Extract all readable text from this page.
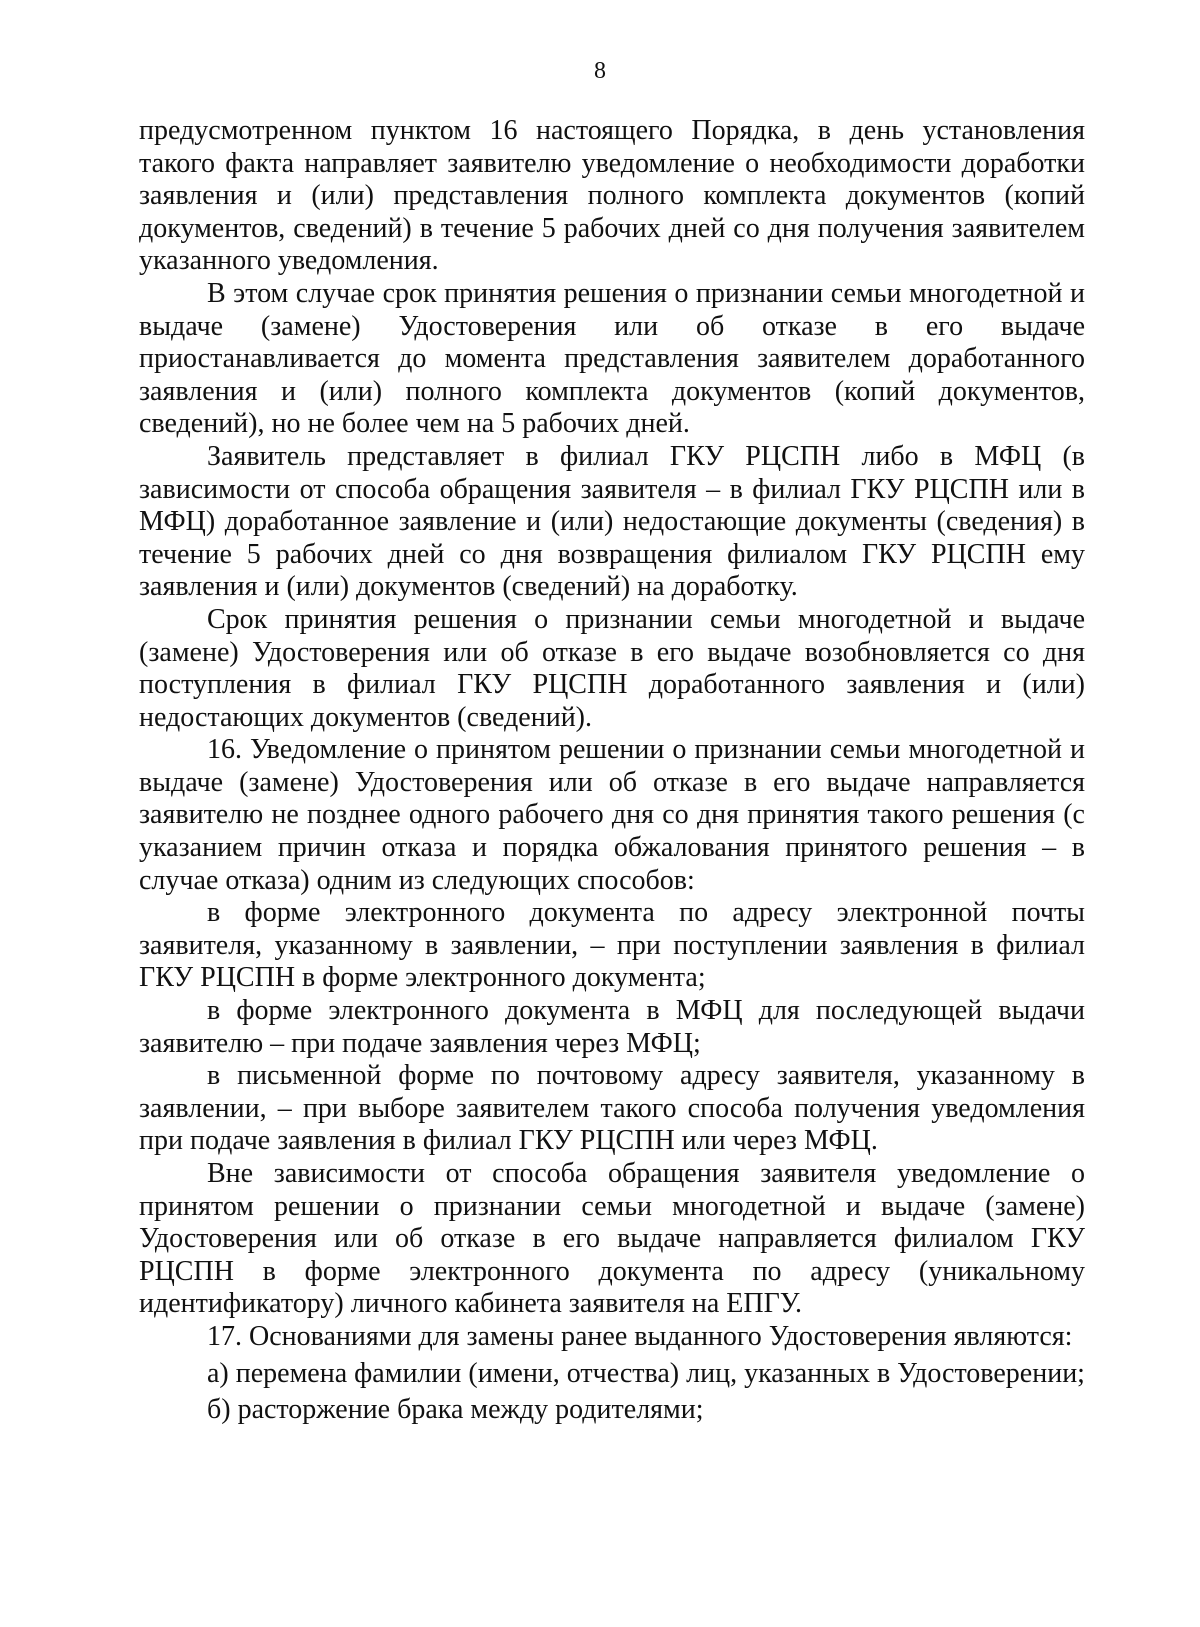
8

предусмотренном пунктом 16 настоящего Порядка, в день установления такого факта направляет заявителю уведомление о необходимости доработки заявления и (или) представления полного комплекта документов (копий документов, сведений) в течение 5 рабочих дней со дня получения заявителем указанного уведомления.

В этом случае срок принятия решения о признании семьи многодетной и выдаче (замене) Удостоверения или об отказе в его выдаче приостанавливается до момента представления заявителем доработанного заявления и (или) полного комплекта документов (копий документов, сведений), но не более чем на 5 рабочих дней.

Заявитель представляет в филиал ГКУ РЦСПН либо в МФЦ (в зависимости от способа обращения заявителя – в филиал ГКУ РЦСПН или в МФЦ) доработанное заявление и (или) недостающие документы (сведения) в течение 5 рабочих дней со дня возвращения филиалом ГКУ РЦСПН ему заявления и (или) документов (сведений) на доработку.

Срок принятия решения о признании семьи многодетной и выдаче (замене) Удостоверения или об отказе в его выдаче возобновляется со дня поступления в филиал ГКУ РЦСПН доработанного заявления и (или) недостающих документов (сведений).

16. Уведомление о принятом решении о признании семьи многодетной и выдаче (замене) Удостоверения или об отказе в его выдаче направляется заявителю не позднее одного рабочего дня со дня принятия такого решения (с указанием причин отказа и порядка обжалования принятого решения – в случае отказа) одним из следующих способов:

в форме электронного документа по адресу электронной почты заявителя, указанному в заявлении, – при поступлении заявления в филиал ГКУ РЦСПН в форме электронного документа;

в форме электронного документа в МФЦ для последующей выдачи заявителю – при подаче заявления через МФЦ;

в письменной форме по почтовому адресу заявителя, указанному в заявлении, – при выборе заявителем такого способа получения уведомления при подаче заявления в филиал ГКУ РЦСПН или через МФЦ.

Вне зависимости от способа обращения заявителя уведомление о принятом решении о признании семьи многодетной и выдаче (замене) Удостоверения или об отказе в его выдаче направляется филиалом ГКУ РЦСПН в форме электронного документа по адресу (уникальному идентификатору) личного кабинета заявителя на ЕПГУ.

17. Основаниями для замены ранее выданного Удостоверения являются:

а) перемена фамилии (имени, отчества) лиц, указанных в Удостоверении;

б) расторжение брака между родителями;
